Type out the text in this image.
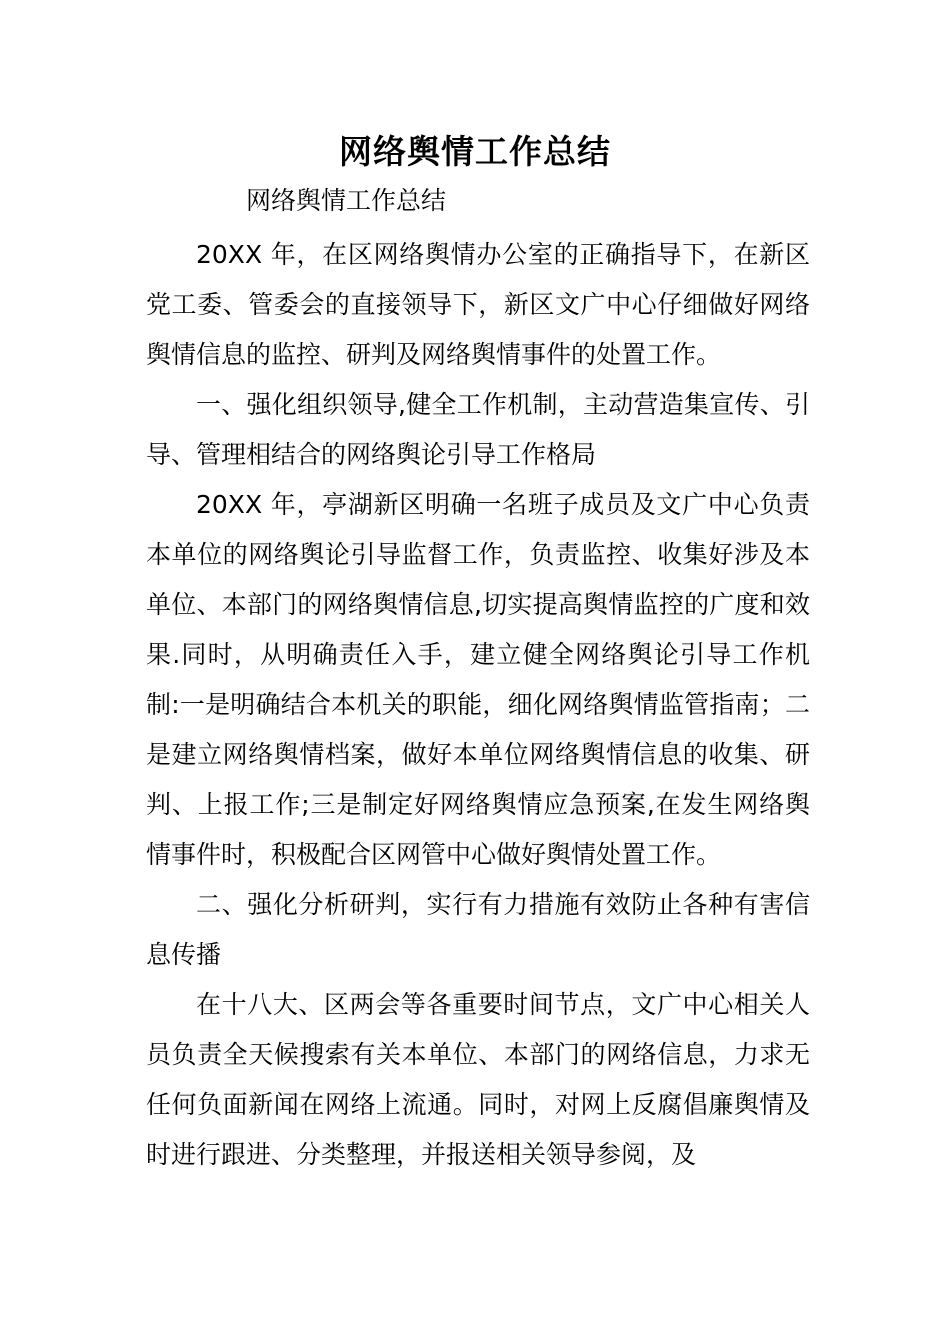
网络舆情工作总结
网络舆情工作总结

20XX 年，在区网络舆情办公室的正确指导下，在新区党工委、管委会的直接领导下，新区文广中心仔细做好网络舆情信息的监控、研判及网络舆情事件的处置工作。

一、强化组织领导,健全工作机制，主动营造集宣传、引导、管理相结合的网络舆论引导工作格局

20XX 年，亭湖新区明确一名班子成员及文广中心负责本单位的网络舆论引导监督工作，负责监控、收集好涉及本单位、本部门的网络舆情信息,切实提高舆情监控的广度和效果.同时，从明确责任入手，建立健全网络舆论引导工作机制:一是明确结合本机关的职能，细化网络舆情监管指南；二是建立网络舆情档案，做好本单位网络舆情信息的收集、研判、上报工作;三是制定好网络舆情应急预案,在发生网络舆情事件时，积极配合区网管中心做好舆情处置工作。

二、强化分析研判，实行有力措施有效防止各种有害信息传播

在十八大、区两会等各重要时间节点，文广中心相关人员负责全天候搜索有关本单位、本部门的网络信息，力求无任何负面新闻在网络上流通。同时，对网上反腐倡廉舆情及时进行跟进、分类整理，并报送相关领导参阅，及
